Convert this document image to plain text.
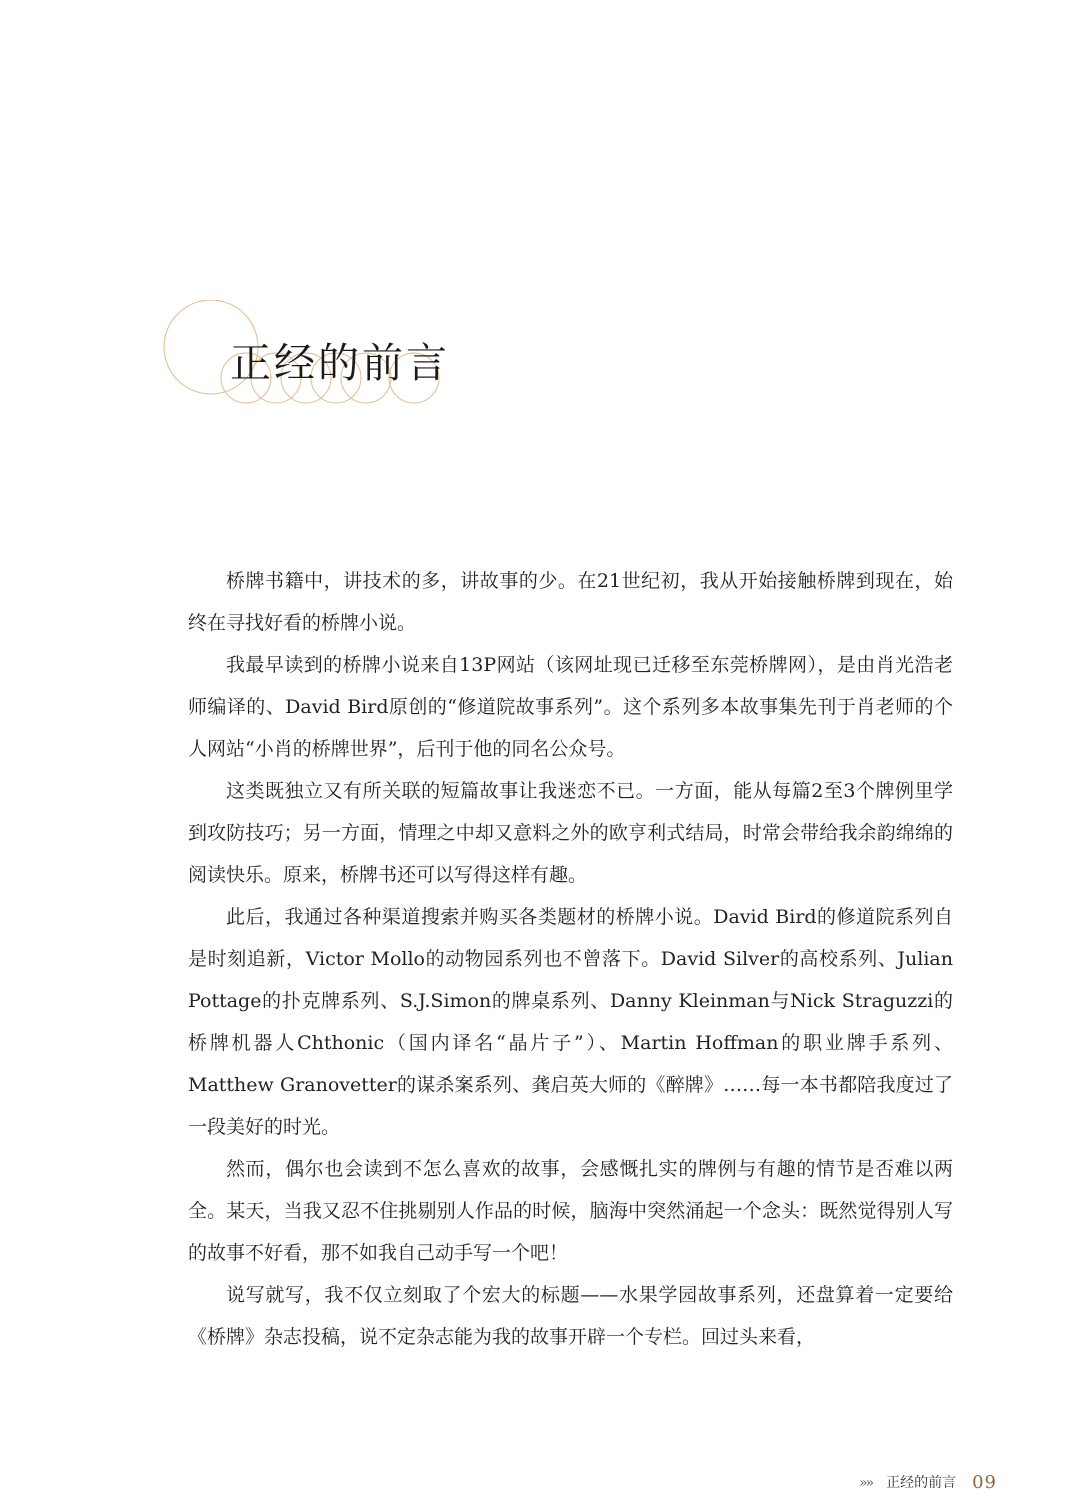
正经的前言

桥牌书籍中，讲技术的多，讲故事的少。在21世纪初，我从开始接触桥牌到现在，始终在寻找好看的桥牌小说。

我最早读到的桥牌小说来自13P网站（该网址现已迁移至东莞桥牌网），是由肖光浩老师编译的、David Bird原创的“修道院故事系列”。这个系列多本故事集先刊于肖老师的个人网站“小肖的桥牌世界”，后刊于他的同名公众号。

这类既独立又有所关联的短篇故事让我迷恋不已。一方面，能从每篇2至3个牌例里学到攻防技巧；另一方面，情理之中却又意料之外的欧亨利式结局，时常会带给我余韵绵绵的阅读快乐。原来，桥牌书还可以写得这样有趣。

此后，我通过各种渠道搜索并购买各类题材的桥牌小说。David Bird的修道院系列自是时刻追新，Victor Mollo的动物园系列也不曾落下。David Silver的高校系列、Julian Pottage的扑克牌系列、S.J.Simon的牌桌系列、Danny Kleinman与Nick Straguzzi的桥牌机器人Chthonic（国内译名“晶片子”）、Martin Hoffman的职业牌手系列、Matthew Granovetter的谋杀案系列、龚启英大师的《醉牌》……每一本书都陪我度过了一段美好的时光。

然而，偶尔也会读到不怎么喜欢的故事，会感慨扎实的牌例与有趣的情节是否难以两全。某天，当我又忍不住挑剔别人作品的时候，脑海中突然涌起一个念头：既然觉得别人写的故事不好看，那不如我自己动手写一个吧！

说写就写，我不仅立刻取了个宏大的标题——水果学园故事系列，还盘算着一定要给《桥牌》杂志投稿，说不定杂志能为我的故事开辟一个专栏。回过头来看，

»» 正经的前言 09
